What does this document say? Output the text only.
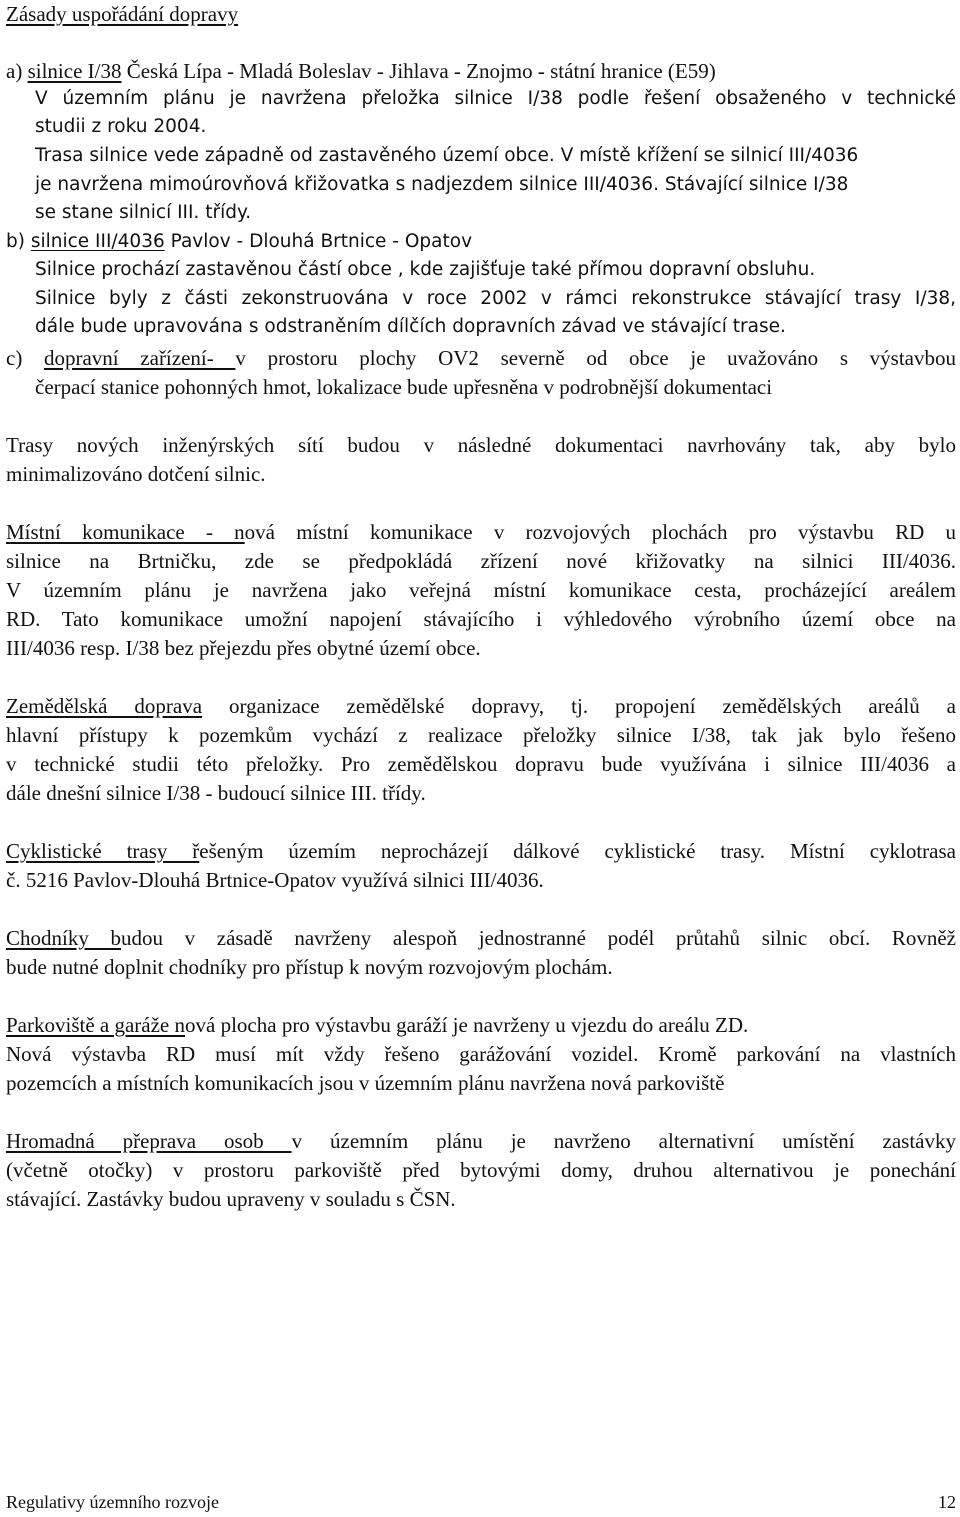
Zásady uspořádání dopravy
a) silnice I/38 Česká Lípa - Mladá Boleslav - Jihlava - Znojmo - státní hranice (E59)
V územním plánu je navržena přeložka silnice I/38 podle řešení obsaženého v technické
studii z roku 2004.
Trasa silnice vede západně od zastavěného území obce. V místě křížení se silnicí III/4036
je navržena mimoúrovňová křižovatka s nadjezdem silnice III/4036. Stávající silnice I/38
se stane silnicí III. třídy.
b) silnice III/4036 Pavlov - Dlouhá Brtnice - Opatov
Silnice prochází zastavěnou částí obce , kde zajišťuje také přímou dopravní obsluhu.
Silnice byly z části zekonstruována v roce 2002 v rámci rekonstrukce stávající trasy I/38,
dále bude upravována s odstraněním dílčích dopravních závad ve stávající trase.
c) dopravní zařízení- v prostoru plochy OV2 severně od obce je uvažováno s výstavbou
čerpací stanice pohonných hmot, lokalizace bude upřesněna v podrobnější dokumentaci
Trasy nových inženýrských sítí budou v následné dokumentaci navrhovány tak, aby bylo
minimalizováno dotčení silnic.
Místní komunikace - nová místní komunikace v rozvojových plochách pro výstavbu RD u
silnice na Brtničku, zde se předpokládá zřízení nové křižovatky na silnici III/4036.
V územním plánu je navržena jako veřejná místní komunikace cesta, procházející areálem
RD. Tato komunikace umožní napojení stávajícího i výhledového výrobního území obce na
III/4036 resp. I/38 bez přejezdu přes obytné území obce.
Zemědělská doprava organizace zemědělské dopravy, tj. propojení zemědělských areálů a
hlavní přístupy k pozemkům vychází z realizace přeložky silnice I/38, tak jak bylo řešeno
v technické studii této přeložky. Pro zemědělskou dopravu bude využívána i silnice III/4036 a
dále dnešní silnice I/38 - budoucí silnice III. třídy.
Cyklistické trasy řešeným územím neprocházejí dálkové cyklistické trasy. Místní cyklotrasa
č. 5216 Pavlov-Dlouhá Brtnice-Opatov využívá silnici III/4036.
Chodníky budou v zásadě navrženy alespoň jednostranné podél průtahů silnic obcí. Rovněž
bude nutné doplnit chodníky pro přístup k novým rozvojovým plochám.
Parkoviště a garáže nová plocha pro výstavbu garáží je navrženy u vjezdu do areálu ZD.
Nová výstavba RD musí mít vždy řešeno garážování vozidel. Kromě parkování na vlastních
pozemcích a místních komunikacích jsou v územním plánu navržena nová parkoviště
Hromadná přeprava osob v územním plánu je navrženo alternativní umístění zastávky
(včetně otočky) v prostoru parkoviště před bytovými domy, druhou alternativou je ponechání
stávající. Zastávky budou upraveny v souladu s ČSN.
Regulativy územního rozvoje	12
